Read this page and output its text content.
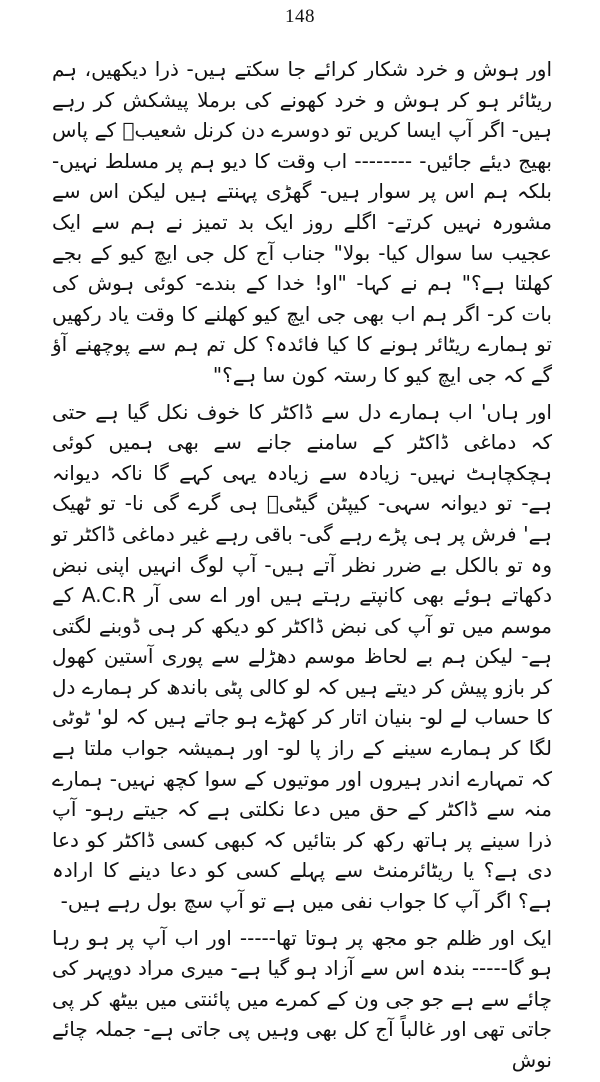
148

اور ہوش و خرد شکار کرائے جا سکتے ہیں- ذرا دیکھیں، ہم ریٹائر ہو کر ہوش و خرد کھونے کی برملا پیشکش کر رہے ہیں- اگر آپ ایسا کریں تو دوسرے دن کرنل شعیبؒ کے پاس بھیج دیئے جائیں- -------- اب وقت کا دیو ہم پر مسلط نہیں- بلکہ ہم اس پر سوار ہیں- گھڑی پہنتے ہیں لیکن اس سے مشورہ نہیں کرتے- اگلے روز ایک بد تمیز نے ہم سے ایک عجیب سا سوال کیا- بولا" جناب آج کل جی ایچ کیو کے بجے کھلتا ہے؟" ہم نے کہا- "او! خدا کے بندے- کوئی ہوش کی بات کر- اگر ہم اب بھی جی ایچ کیو کھلنے کا وقت یاد رکھیں تو ہمارے ریٹائر ہونے کا کیا فائدہ؟ کل تم ہم سے پوچھنے آؤ گے کہ جی ایچ کیو کا رستہ کون سا ہے؟"

اور ہاں' اب ہمارے دل سے ڈاکٹر کا خوف نکل گیا ہے حتی کہ دماغی ڈاکٹر کے سامنے جانے سے بھی ہمیں کوئی ہچکچاہٹ نہیں- زیادہ سے زیادہ یہی کہے گا ناکہ دیوانہ ہے- تو دیوانہ سہی- کیپٹن گیٹیؒ ہی گرے گی نا- تو ٹھیک ہے' فرش پر ہی پڑے رہے گی- باقی رہے غیر دماغی ڈاکٹر تو وہ تو بالکل بے ضرر نظر آتے ہیں- آپ لوگ انہیں اپنی نبض دکھاتے ہوئے بھی کانپتے رہتے ہیں اور اے سی آر A.C.R کے موسم میں تو آپ کی نبض ڈاکٹر کو دیکھ کر ہی ڈوبنے لگتی ہے- لیکن ہم بے لحاظ موسم دھڑلے سے پوری آستین کھول کر بازو پیش کر دیتے ہیں کہ لو کالی پٹی باندھ کر ہمارے دل کا حساب لے لو- بنیان اتار کر کھڑے ہو جاتے ہیں کہ لو' ٹوٹی لگا کر ہمارے سینے کے راز پا لو- اور ہمیشہ جواب ملتا ہے کہ تمہارے اندر ہیروں اور موتیوں کے سوا کچھ نہیں- ہمارے منہ سے ڈاکٹر کے حق میں دعا نکلتی ہے کہ جیتے رہو- آپ ذرا سینے پر ہاتھ رکھ کر بتائیں کہ کبھی کسی ڈاکٹر کو دعا دی ہے؟ یا ریٹائرمنٹ سے پہلے کسی کو دعا دینے کا ارادہ ہے؟ اگر آپ کا جواب نفی میں ہے تو آپ سچ بول رہے ہیں-

ایک اور ظلم جو مجھ پر ہوتا تھا----- اور اب آپ پر ہو رہا ہو گا----- بندہ اس سے آزاد ہو گیا ہے- میری مراد دوپہر کی چائے سے ہے جو جی ون کے کمرے میں پائنتی میں بیٹھ کر پی جاتی تھی اور غالباً آج کل بھی وہیں پی جاتی ہے- جملہ چائے نوش
